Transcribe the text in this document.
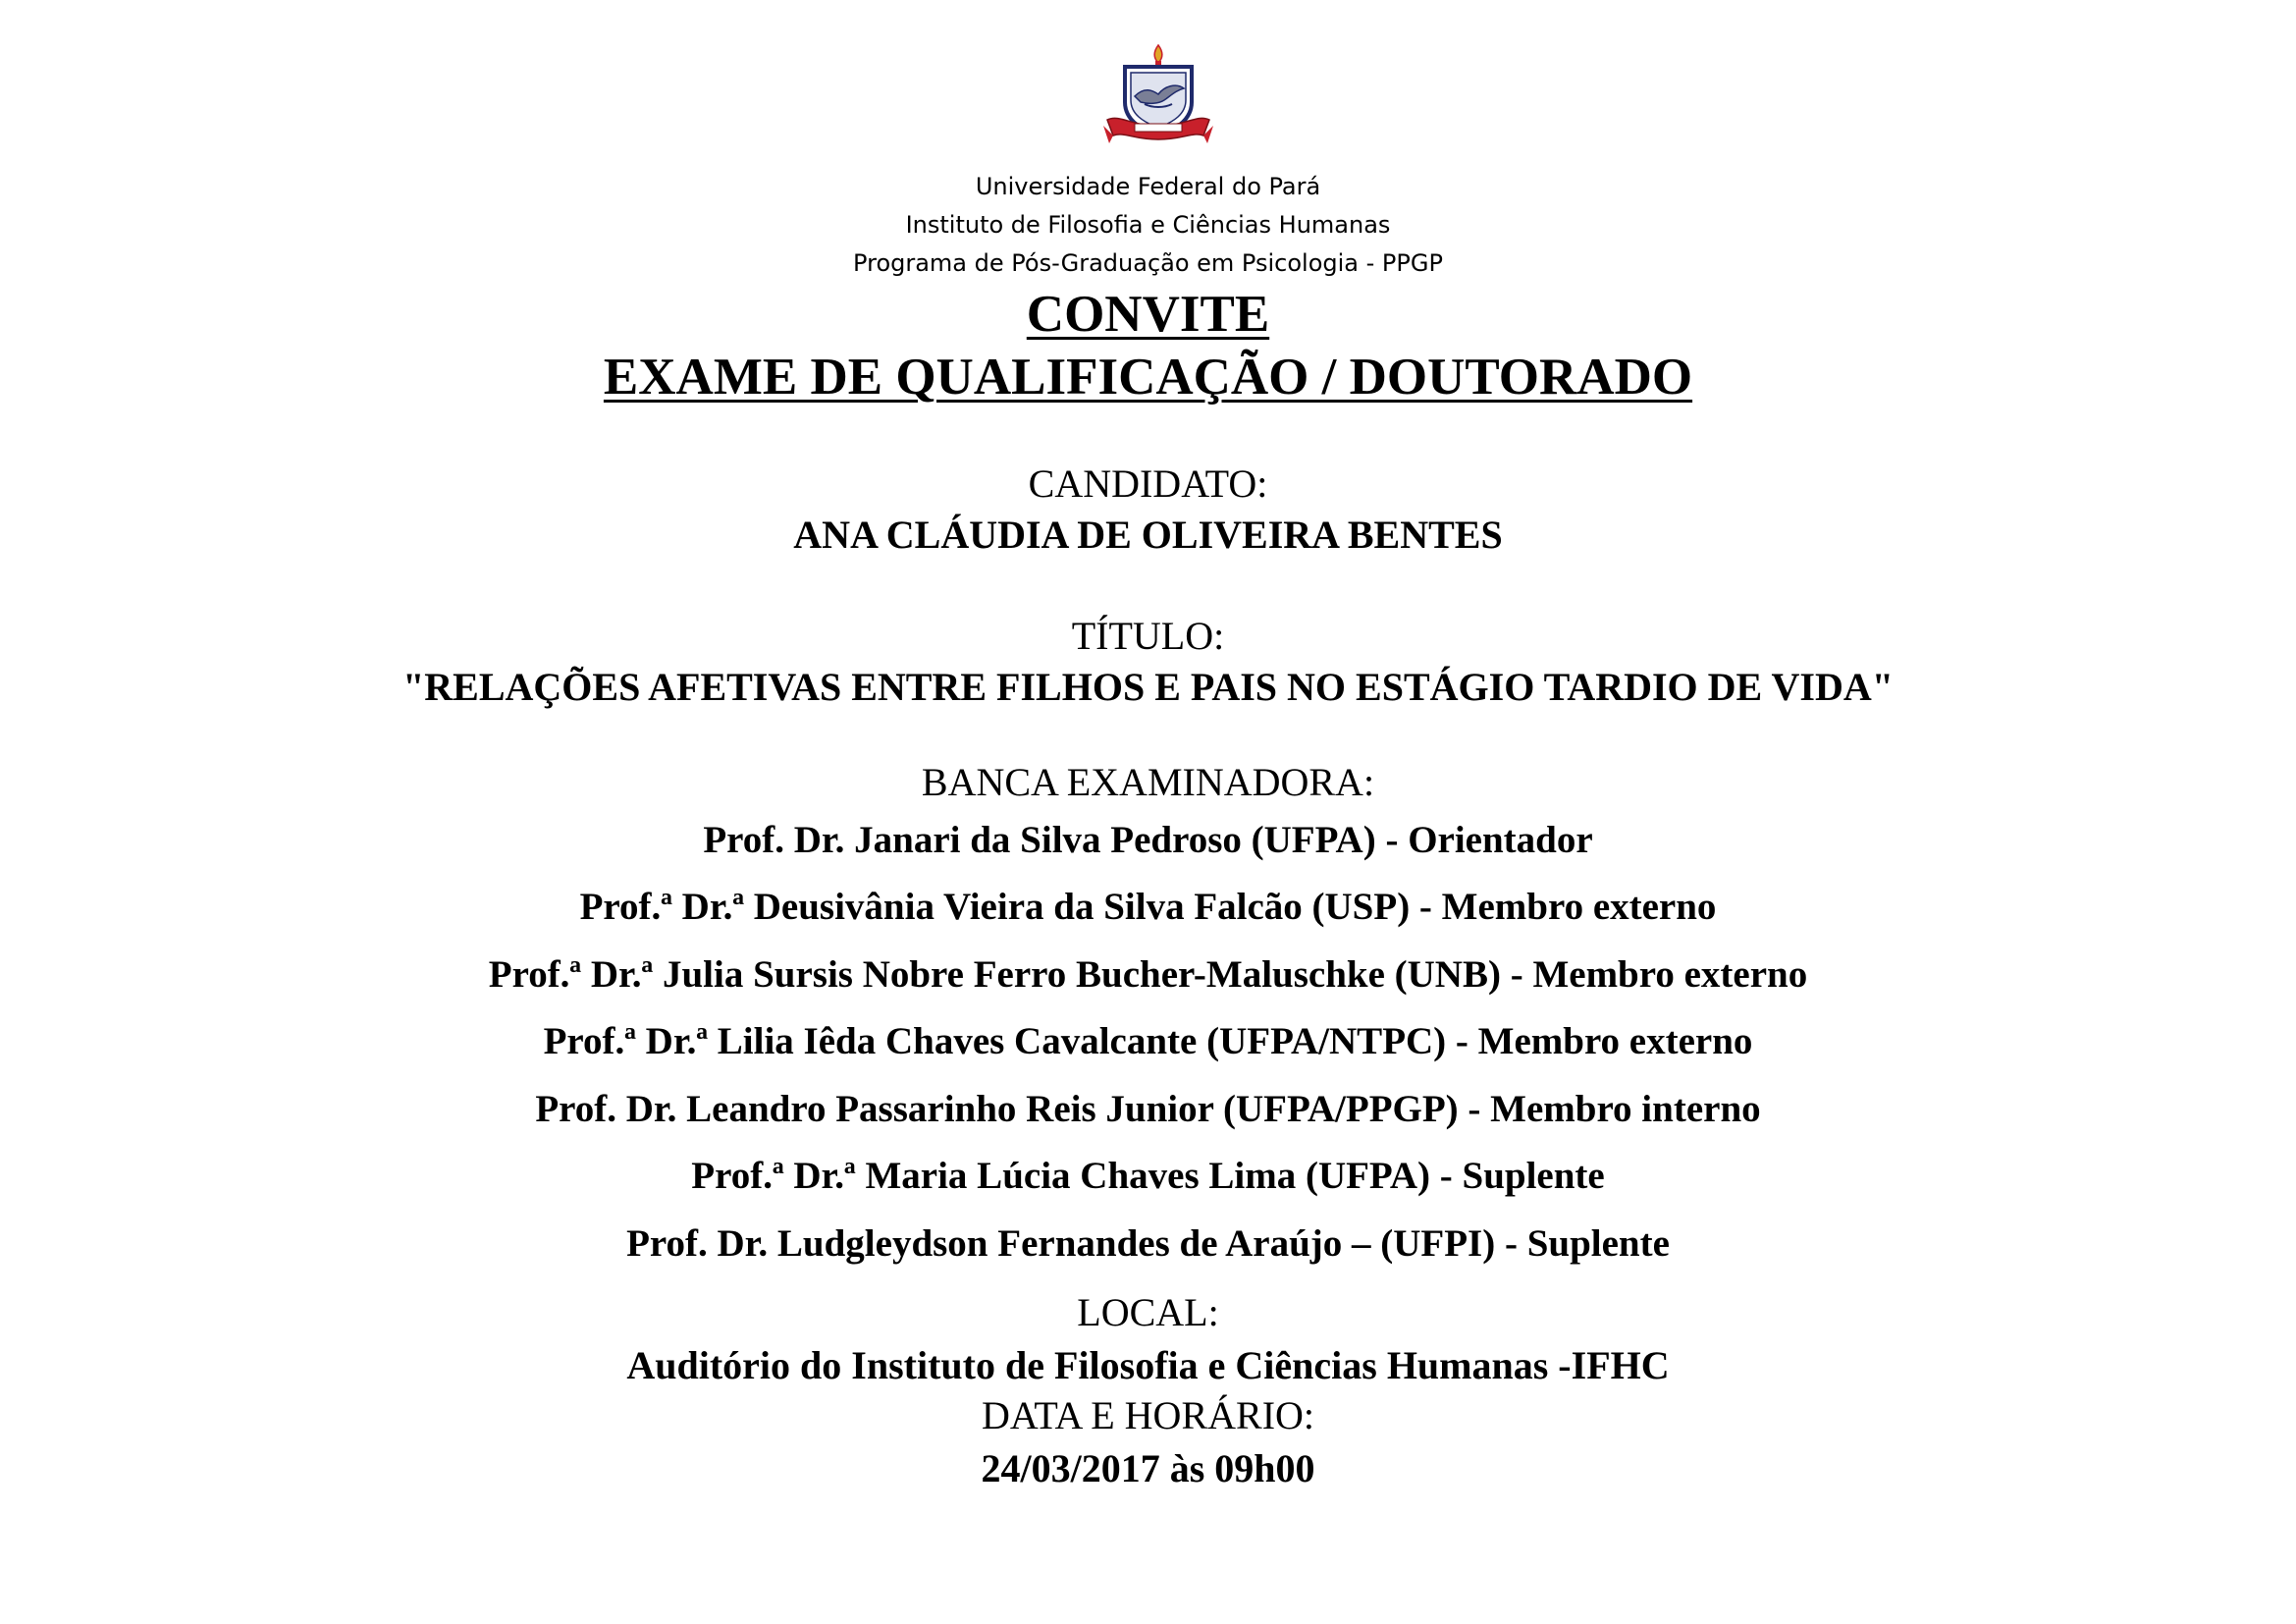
Universidade Federal do Pará
Instituto de Filosofia e Ciências Humanas
Programa de Pós-Graduação em Psicologia - PPGP
CONVITE
EXAME DE QUALIFICAÇÃO / DOUTORADO
CANDIDATO:
ANA CLÁUDIA DE OLIVEIRA BENTES
TÍTULO:
"RELAÇÕES AFETIVAS ENTRE FILHOS E PAIS NO ESTÁGIO TARDIO DE VIDA"
BANCA EXAMINADORA:
Prof. Dr. Janari da Silva Pedroso (UFPA) - Orientador
Prof.ª Dr.ª Deusivânia Vieira da Silva Falcão (USP) - Membro externo
Prof.ª Dr.ª Julia Sursis Nobre Ferro Bucher-Maluschke (UNB) - Membro externo
Prof.ª Dr.ª Lilia Iêda Chaves Cavalcante (UFPA/NTPC) - Membro externo
Prof. Dr. Leandro Passarinho Reis Junior (UFPA/PPGP) - Membro interno
Prof.ª Dr.ª Maria Lúcia Chaves Lima (UFPA) - Suplente
Prof. Dr. Ludgleydson Fernandes de Araújo – (UFPI) - Suplente
LOCAL:
Auditório do Instituto de Filosofia e Ciências Humanas -IFHC
DATA E HORÁRIO:
24/03/2017 às 09h00
